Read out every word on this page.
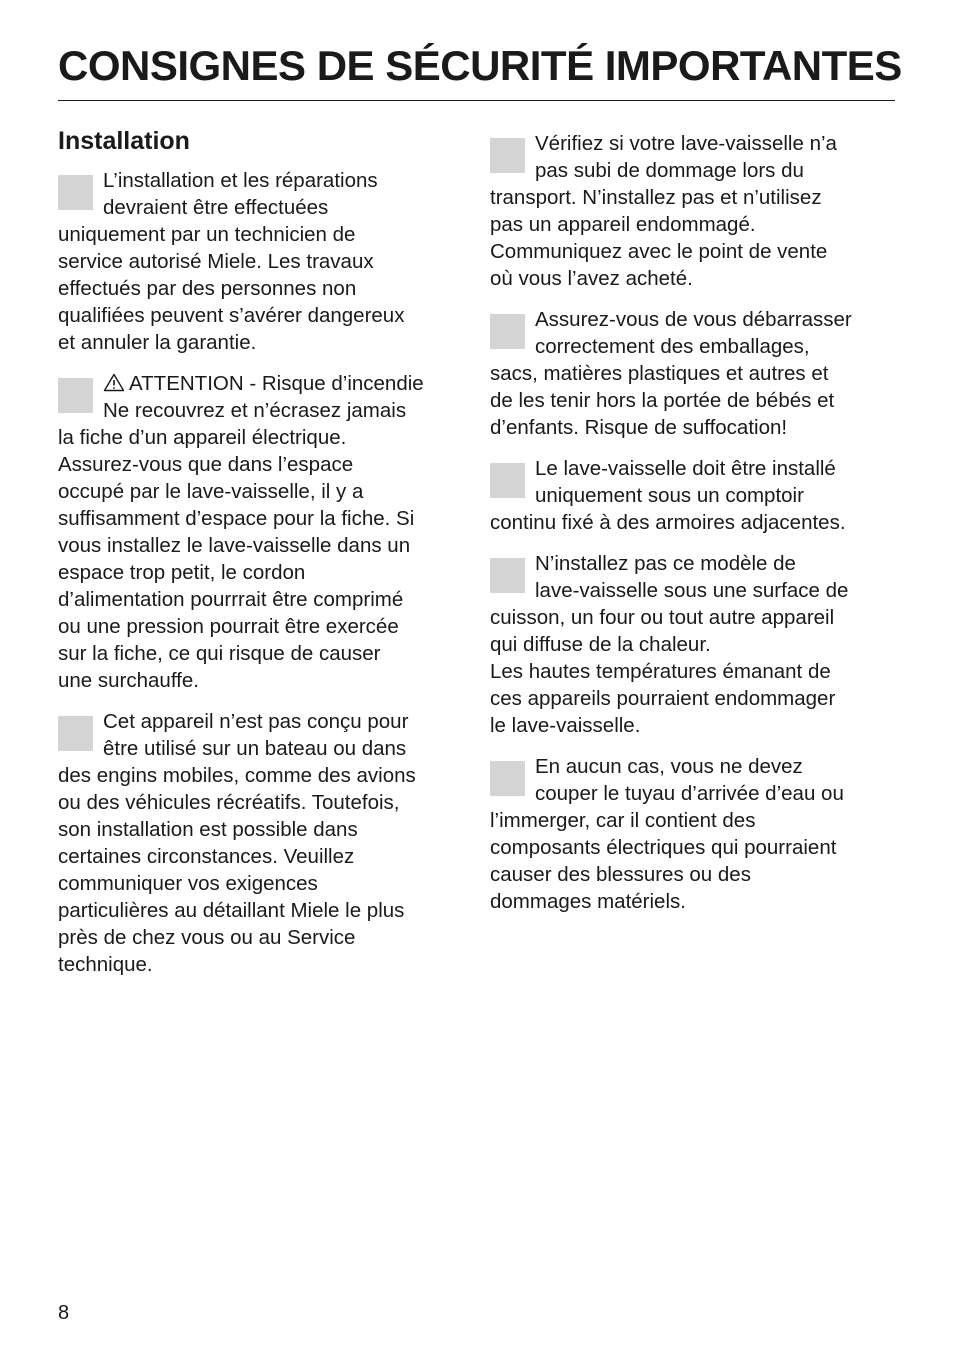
CONSIGNES DE SÉCURITÉ IMPORTANTES
Installation

L’installation et les réparations
devraient être effectuées
uniquement par un technicien de
service autorisé Miele. Les travaux
effectués par des personnes non
qualifiées peuvent s’avérer dangereux
et annuler la garantie.

ATTENTION - Risque d’incendie
Ne recouvrez et n’écrasez jamais
la fiche d’un appareil électrique.
Assurez-vous que dans l’espace
occupé par le lave-vaisselle, il y a
suffisamment d’espace pour la fiche. Si
vous installez le lave-vaisselle dans un
espace trop petit, le cordon
d’alimentation pourrrait être comprimé
ou une pression pourrait être exercée
sur la fiche, ce qui risque de causer
une surchauffe.

Cet appareil n’est pas conçu pour
être utilisé sur un bateau ou dans
des engins mobiles, comme des avions
ou des véhicules récréatifs. Toutefois,
son installation est possible dans
certaines circonstances. Veuillez
communiquer vos exigences
particulières au détaillant Miele le plus
près de chez vous ou au Service
technique.

Vérifiez si votre lave-vaisselle n’a
pas subi de dommage lors du
transport. N’installez pas et n’utilisez
pas un appareil endommagé.
Communiquez avec le point de vente
où vous l’avez acheté.

Assurez-vous de vous débarrasser
correctement des emballages,
sacs, matières plastiques et autres et
de les tenir hors la portée de bébés et
d’enfants. Risque de suffocation!

Le lave-vaisselle doit être installé
uniquement sous un comptoir
continu fixé à des armoires adjacentes.

N’installez pas ce modèle de
lave-vaisselle sous une surface de
cuisson, un four ou tout autre appareil
qui diffuse de la chaleur.
Les hautes températures émanant de
ces appareils pourraient endommager
le lave-vaisselle.

En aucun cas, vous ne devez
couper le tuyau d’arrivée d’eau ou
l’immerger, car il contient des
composants électriques qui pourraient
causer des blessures ou des
dommages matériels.

8
